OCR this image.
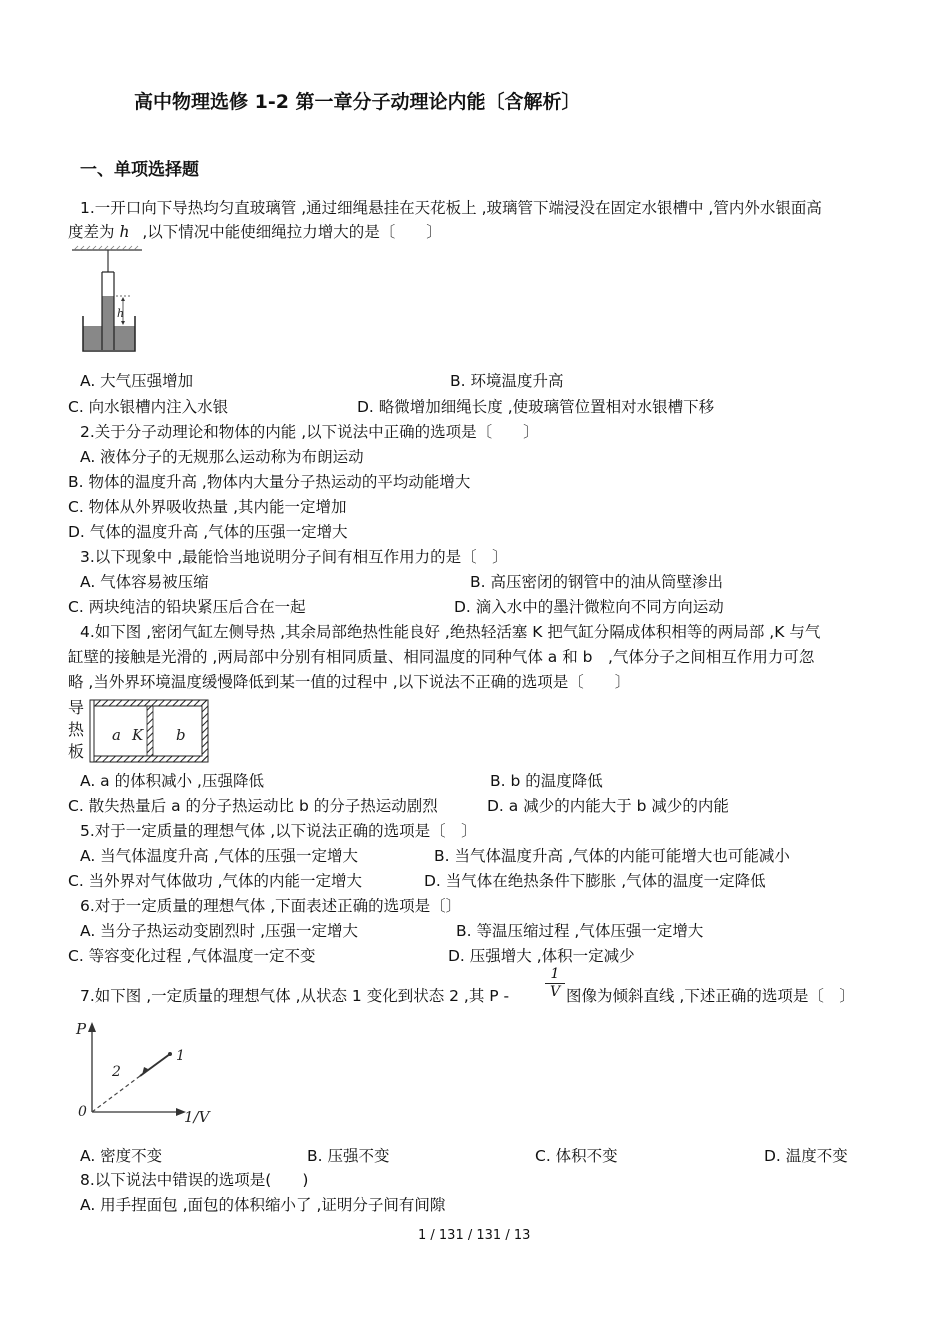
高中物理选修 1-2 第一章分子动理论内能〔含解析〕
一、单项选择题
1.一开口向下导热均匀直玻璃管 ,通过细绳悬挂在天花板上 ,玻璃管下端浸没在固定水银槽中 ,管内外水银面高
度差为 h ,以下情况中能使细绳拉力增大的是〔　　〕
h
A. 大气压强增加	B. 环境温度升高
C. 向水银槽内注入水银	D. 略微增加细绳长度 ,使玻璃管位置相对水银槽下移
2.关于分子动理论和物体的内能 ,以下说法中正确的选项是〔　　〕
A. 液体分子的无规那么运动称为布朗运动
B. 物体的温度升高 ,物体内大量分子热运动的平均动能增大
C. 物体从外界吸收热量 ,其内能一定增加
D. 气体的温度升高 ,气体的压强一定增大
3.以下现象中 ,最能恰当地说明分子间有相互作用力的是〔　〕
A. 气体容易被压缩	B. 高压密闭的钢管中的油从筒壁渗出
C. 两块纯洁的铅块紧压后合在一起	D. 滴入水中的墨汁微粒向不同方向运动
4.如下图 ,密闭气缸左侧导热 ,其余局部绝热性能良好 ,绝热轻活塞 K 把气缸分隔成体积相等的两局部 ,K 与气
缸壁的接触是光滑的 ,两局部中分别有相同质量、相同温度的同种气体 a 和 b　,气体分子之间相互作用力可忽
略 ,当外界环境温度缓慢降低到某一值的过程中 ,以下说法不正确的选项是〔　　〕
导
热
板
a K b
A. a 的体积减小 ,压强降低	B. b 的温度降低
C. 散失热量后 a 的分子热运动比 b 的分子热运动剧烈	D. a 减少的内能大于 b 减少的内能
5.对于一定质量的理想气体 ,以下说法正确的选项是〔　〕
A. 当气体温度升高 ,气体的压强一定增大	B. 当气体温度升高 ,气体的内能可能增大也可能减小
C. 当外界对气体做功 ,气体的内能一定增大	D. 当气体在绝热条件下膨胀 ,气体的温度一定降低
6.对于一定质量的理想气体 ,下面表述正确的选项是〔〕
A. 当分子热运动变剧烈时 ,压强一定增大	B. 等温压缩过程 ,气体压强一定增大
C. 等容变化过程 ,气体温度一定不变	D. 压强增大 ,体积一定减少
7.如下图 ,一定质量的理想气体 ,从状态 1 变化到状态 2 ,其 P -	$\frac{1}{V}$ 图像为倾斜直线 ,下述正确的选项是〔　〕
P
0	1/V
1
2
A. 密度不变	B. 压强不变	C. 体积不变	D. 温度不变
8.以下说法中错误的选项是(　　)
A. 用手捏面包 ,面包的体积缩小了 ,证明分子间有间隙
1 / 131 / 131 / 13
